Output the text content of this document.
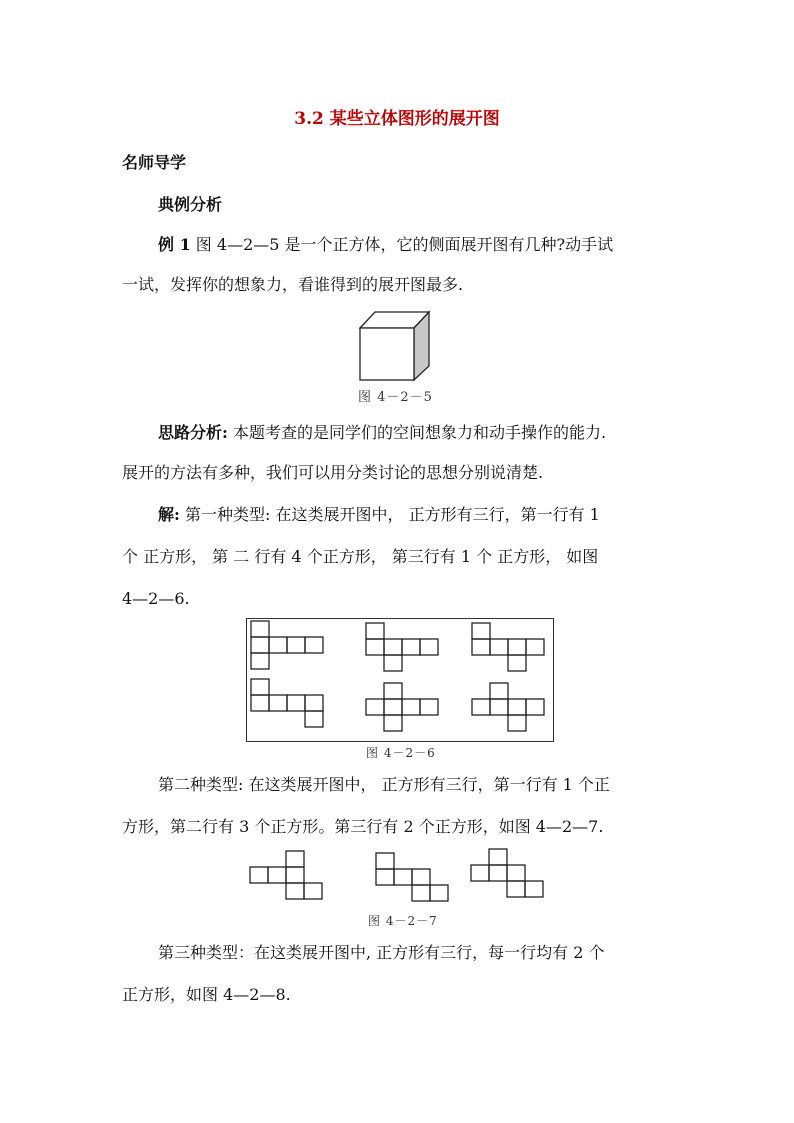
3.2 某些立体图形的展开图
名师导学
典例分析
例 1 图 4—2—5 是一个正方体，它的侧面展开图有几种?动手试
一试，发挥你的想象力，看谁得到的展开图最多.
图 4－2－5
思路分析: 本题考查的是同学们的空间想象力和动手操作的能力.
展开的方法有多种，我们可以用分类讨论的思想分别说清楚.
解: 第一种类型: 在这类展开图中， 正方形有三行，第一行有 1
个 正方形， 第 二 行有 4 个正方形， 第三行有 1 个 正方形， 如图
4—2—6.
图 4－2－6
第二种类型: 在这类展开图中， 正方形有三行，第一行有 1 个正
方形，第二行有 3 个正方形。第三行有 2 个正方形，如图 4—2—7.
图 4－2－7
第三种类型：在这类展开图中, 正方形有三行，每一行均有 2 个
正方形，如图 4—2—8.
